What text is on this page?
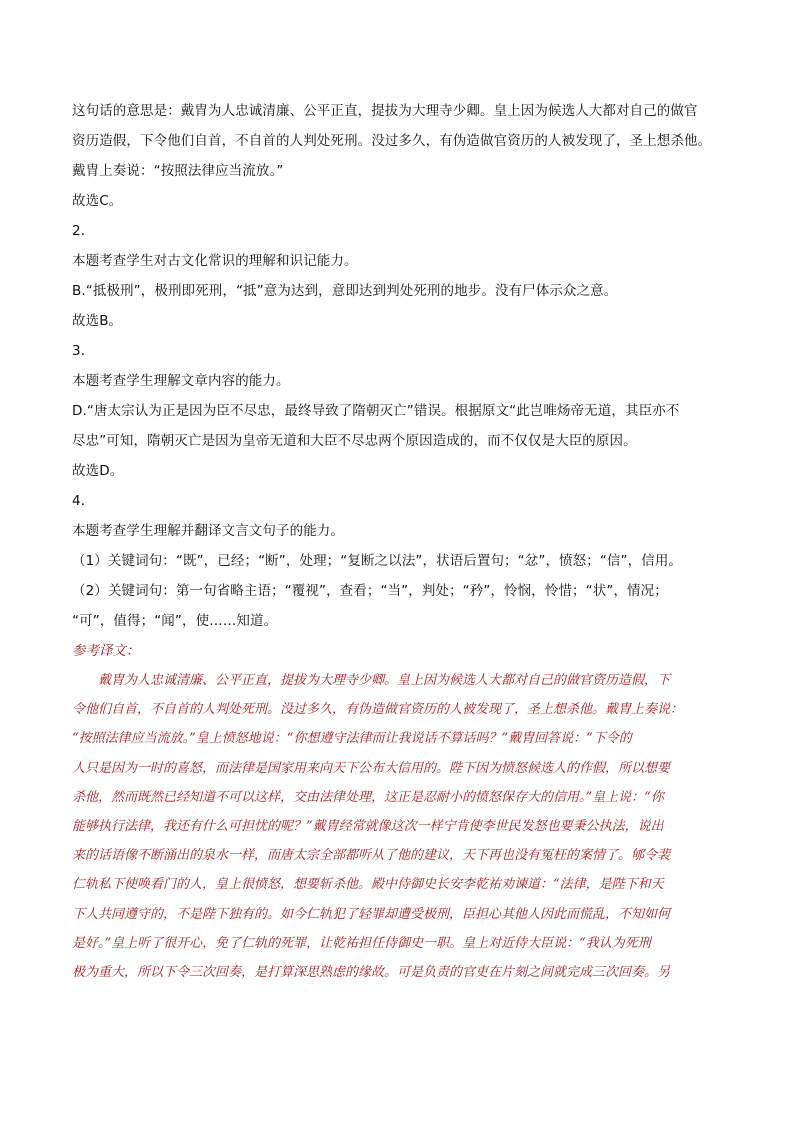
这句话的意思是：戴胄为人忠诚清廉、公平正直，提拔为大理寺少卿。皇上因为候选人大都对自己的做官
资历造假，下令他们自首，不自首的人判处死刑。没过多久，有伪造做官资历的人被发现了，圣上想杀他。
戴胄上奏说：“按照法律应当流放。”
故选C。
2．
本题考查学生对古文化常识的理解和识记能力。
B.“抵极刑”，极刑即死刑，“抵”意为达到，意即达到判处死刑的地步。没有尸体示众之意。
故选B。
3．
本题考查学生理解文章内容的能力。
D.“唐太宗认为正是因为臣不尽忠，最终导致了隋朝灭亡”错误。根据原文“此岂唯炀帝无道，其臣亦不
尽忠”可知，隋朝灭亡是因为皇帝无道和大臣不尽忠两个原因造成的，而不仅仅是大臣的原因。
故选D。
4．
本题考查学生理解并翻译文言文句子的能力。
（1）关键词句：“既”，已经；“断”，处理；“复断之以法”，状语后置句；“忿”，愤怒；“信”，信用。
（2）关键词句：第一句省略主语；“覆视”，查看；“当”，判处；“矜”，怜悯，怜惜；“状”，情况；
“可”，值得；“闻”，使……知道。
参考译文：
戴胄为人忠诚清廉、公平正直，提拔为大理寺少卿。皇上因为候选人大都对自己的做官资历造假，下
令他们自首，不自首的人判处死刑。没过多久，有伪造做官资历的人被发现了，圣上想杀他。戴胄上奏说：
“按照法律应当流放。”皇上愤怒地说：“你想遵守法律而让我说话不算话吗？”戴胄回答说：“下令的
人只是因为一时的喜怒，而法律是国家用来向天下公布大信用的。陛下因为愤怒候选人的作假，所以想要
杀他，然而既然已经知道不可以这样，交由法律处理，这正是忍耐小的愤怒保存大的信用。”皇上说：“你
能够执行法律，我还有什么可担忧的呢？”戴胄经常就像这次一样宁肯使李世民发怒也要秉公执法，说出
来的话语像不断涌出的泉水一样，而唐太宗全部都听从了他的建议，天下再也没有冤枉的案情了。郇令裴
仁轨私下使唤看门的人，皇上很愤怒，想要斩杀他。殿中侍御史长安李乾祐劝谏道：“法律，是陛下和天
下人共同遵守的，不是陛下独有的。如今仁轨犯了轻罪却遭受极刑，臣担心其他人因此而慌乱，不知如何
是好。”皇上听了很开心，免了仁轨的死罪，让乾祐担任侍御史一职。皇上对近侍大臣说：“我认为死刑
极为重大，所以下令三次回奏，是打算深思熟虑的缘故。可是负责的官吏在片刻之间就完成三次回奏。另
